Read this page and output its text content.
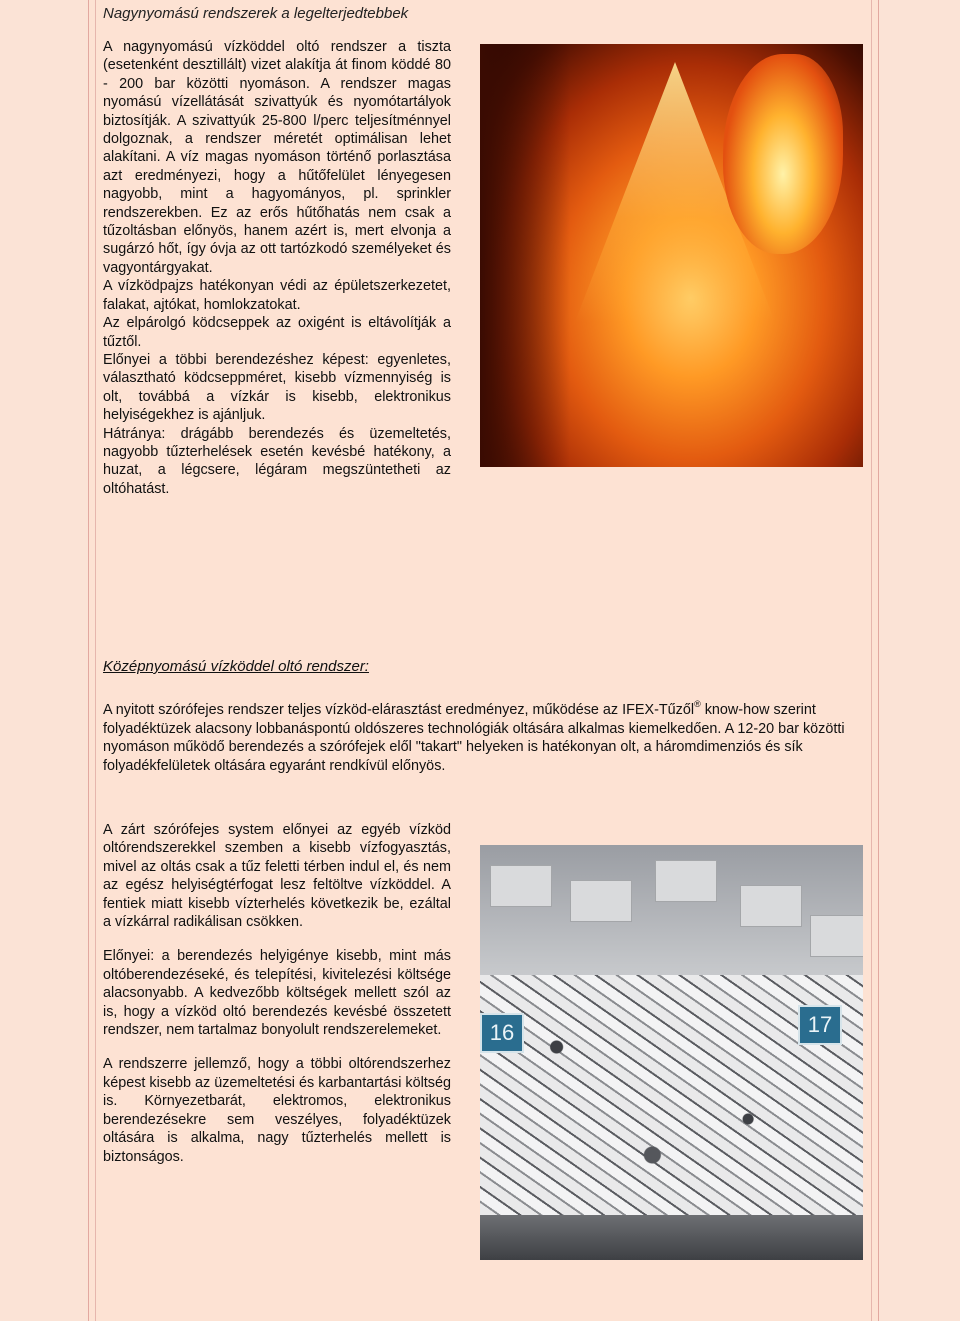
Nagynyomású rendszerek a legelterjedtebbek

A nagynyomású vízköddel oltó rendszer a tiszta (esetenként desztillált) vizet alakítja át finom köddé 80 - 200 bar közötti nyomáson. A rendszer magas nyomású vízellátását szivattyúk és nyomótartályok biztosítják. A szivattyúk 25-800 l/perc teljesítménnyel dolgoznak, a rendszer méretét optimálisan lehet alakítani. A víz magas nyomáson történő porlasztása azt eredményezi, hogy a hűtőfelület lényegesen nagyobb, mint a hagyományos, pl. sprinkler rendszerekben. Ez az erős hűtőhatás nem csak a tűzoltásban előnyös, hanem azért is, mert elvonja a sugárzó hőt, így óvja az ott tartózkodó személyeket és vagyontárgyakat.

A vízködpajzs hatékonyan védi az épületszerkezetet, falakat, ajtókat, homlokzatokat.

Az elpárolgó ködcseppek az oxigént is eltávolítják a tűztől.

Előnyei a többi berendezéshez képest: egyenletes, választható ködcseppméret, kisebb vízmennyiség is olt, továbbá a vízkár is kisebb, elektronikus helyiségekhez is ajánljuk.

Hátránya: drágább berendezés és üzemeltetés, nagyobb tűzterhelések esetén kevésbé hatékony, a huzat, a légcsere, légáram megszüntetheti az oltóhatást.

Középnyomású vízköddel oltó rendszer:
A nyitott szórófejes rendszer teljes vízköd-elárasztást eredményez, működése az IFEX-Tűzől® know-how szerint folyadéktüzek alacsony lobbanáspontú oldószeres technológiák oltására alkalmas kiemelkedően. A 12-20 bar közötti nyomáson működő berendezés a szórófejek elől "takart" helyeken is hatékonyan olt, a háromdimenziós és sík folyadékfelületek oltására egyaránt rendkívül előnyös.

A zárt szórófejes system előnyei az egyéb vízköd oltórendszerekkel szemben a kisebb vízfogyasztás, mivel az oltás csak a tűz feletti térben indul el, és nem az egész helyiségtérfogat lesz feltöltve vízköddel. A fentiek miatt kisebb vízterhelés következik be, ezáltal a vízkárral radikálisan csökken.

Előnyei: a berendezés helyigénye kisebb, mint más oltóberendezéseké, és telepítési, kivitelezési költsége alacsonyabb. A kedvezőbb költségek mellett szól az is, hogy a vízköd oltó berendezés kevésbé összetett rendszer, nem tartalmaz bonyolult rendszerelemeket.

A rendszerre jellemző, hogy a többi oltórendszerhez képest kisebb az üzemeltetési és karbantartási költség is. Környezetbarát, elektromos, elektronikus berendezésekre sem veszélyes, folyadéktüzek oltására is alkalma, nagy tűzterhelés mellett is biztonságos.

16	17
